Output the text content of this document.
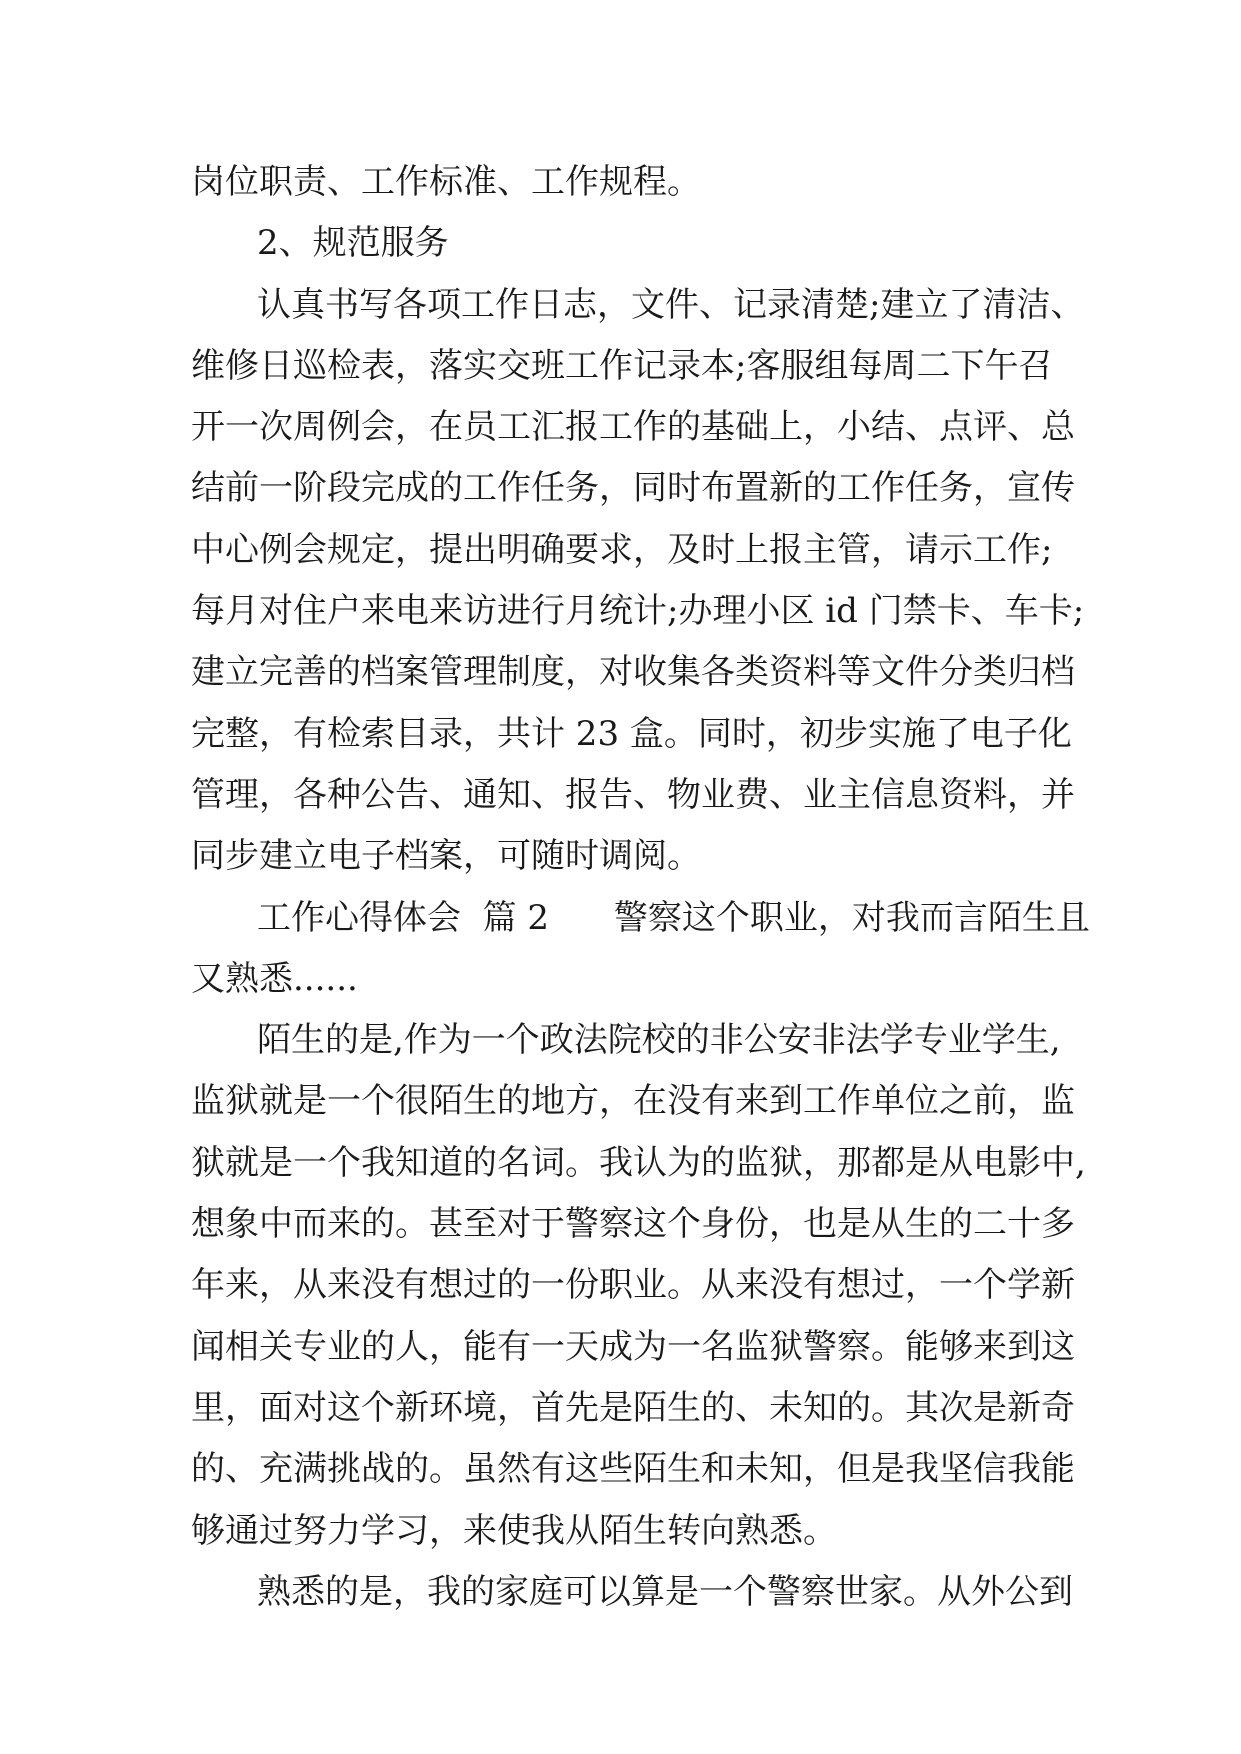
岗位职责、工作标准、工作规程。
2、规范服务
认真书写各项工作日志，文件、记录清楚;建立了清洁、
维修日巡检表，落实交班工作记录本;客服组每周二下午召
开一次周例会，在员工汇报工作的基础上，小结、点评、总
结前一阶段完成的工作任务，同时布置新的工作任务，宣传
中心例会规定，提出明确要求，及时上报主管，请示工作;
每月对住户来电来访进行月统计;办理小区 id 门禁卡、车卡;
建立完善的档案管理制度，对收集各类资料等文件分类归档
完整，有检索目录，共计 23 盒。同时，初步实施了电子化
管理，各种公告、通知、报告、物业费、业主信息资料，并
同步建立电子档案，可随时调阅。
工作心得体会  篇 2      警察这个职业，对我而言陌生且
又熟悉......
陌生的是,作为一个政法院校的非公安非法学专业学生,
监狱就是一个很陌生的地方，在没有来到工作单位之前，监
狱就是一个我知道的名词。我认为的监狱，那都是从电影中,
想象中而来的。甚至对于警察这个身份，也是从生的二十多
年来，从来没有想过的一份职业。从来没有想过，一个学新
闻相关专业的人，能有一天成为一名监狱警察。能够来到这
里，面对这个新环境，首先是陌生的、未知的。其次是新奇
的、充满挑战的。虽然有这些陌生和未知，但是我坚信我能
够通过努力学习，来使我从陌生转向熟悉。
熟悉的是，我的家庭可以算是一个警察世家。从外公到
